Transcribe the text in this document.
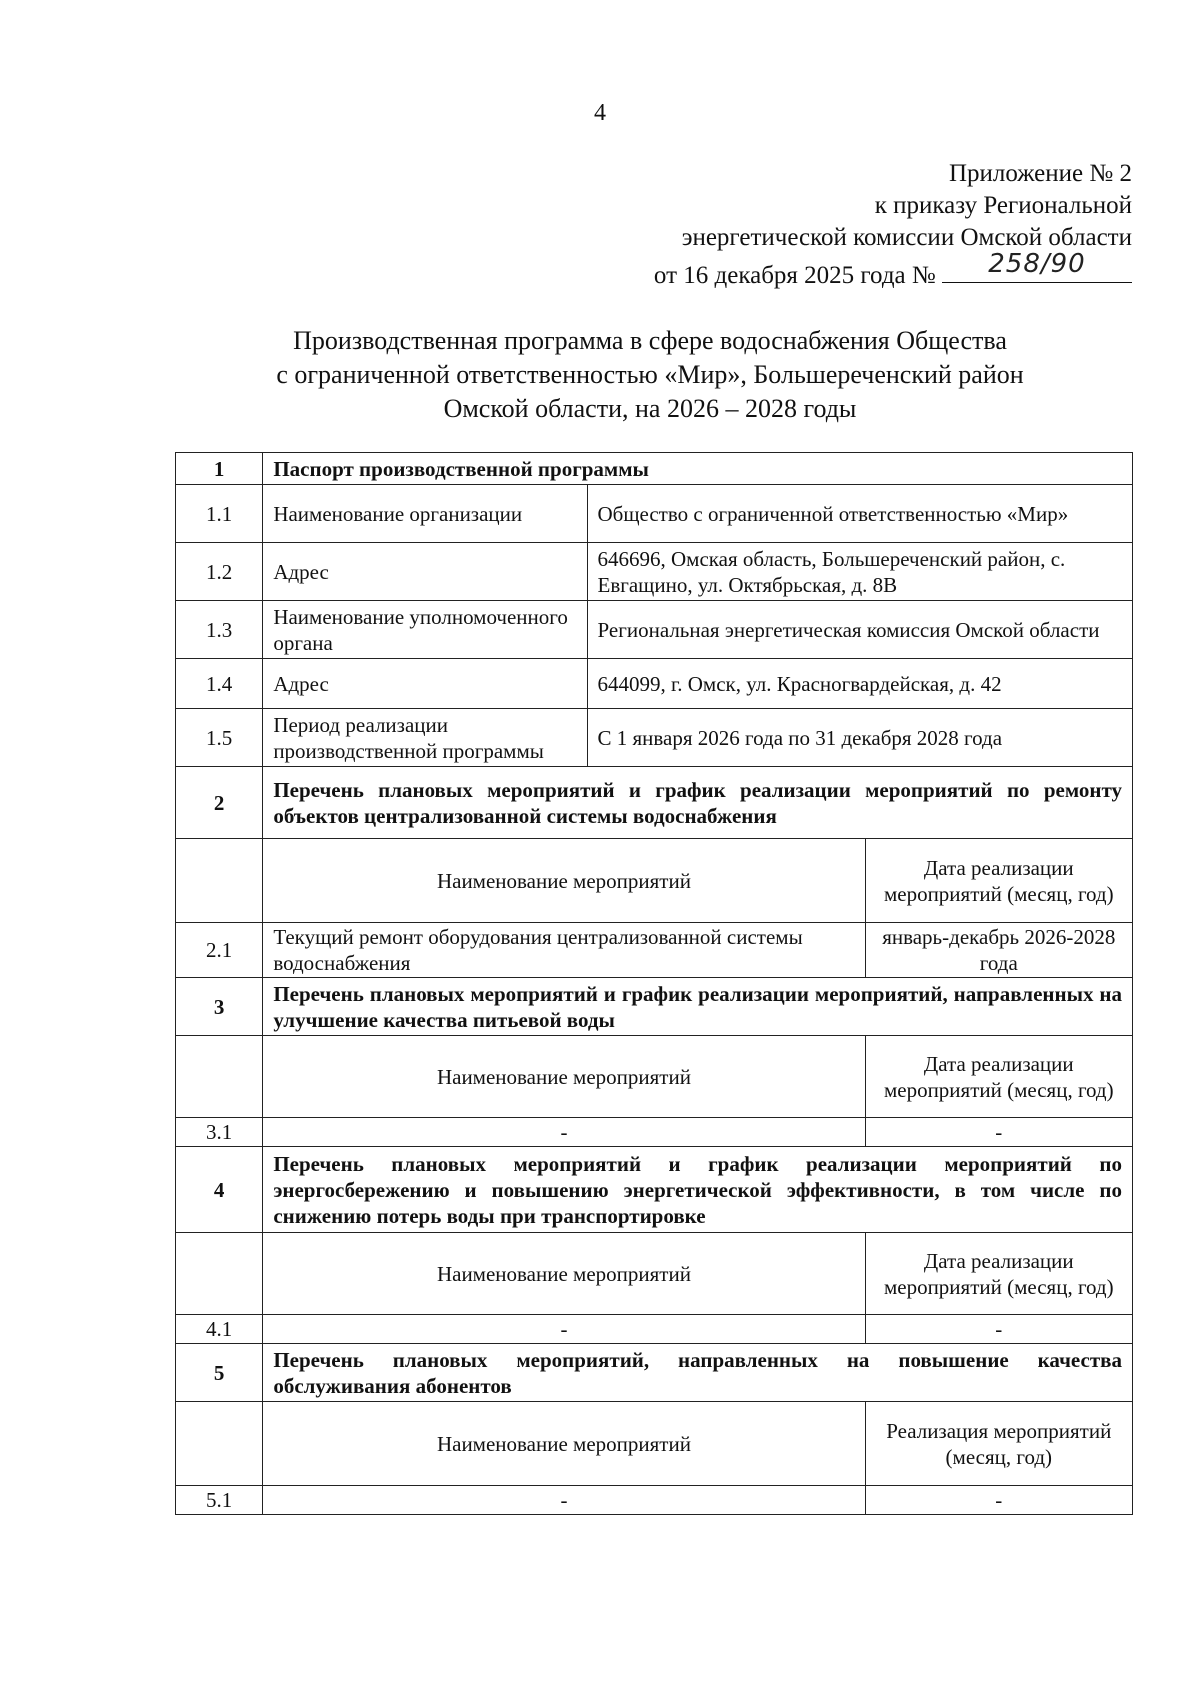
4
Приложение № 2
к приказу Региональной
энергетической комиссии Омской области
от 16 декабря 2025 года №	258/90
Производственная программа в сфере водоснабжения Общества
с ограниченной ответственностью «Мир», Большереченский район
Омской области, на 2026 – 2028 годы
1	Паспорт производственной программы		
1.1	Наименование организации	Общество с ограниченной ответственностью «Мир»	
1.2	Адрес	646696, Омская область, Большереченский район, с. Евгащино, ул. Октябрьская, д. 8В	
1.3	Наименование уполномоченного органа	Региональная энергетическая комиссия Омской области	
1.4	Адрес	644099, г. Омск, ул. Красногвардейская, д. 42	
1.5	Период реализации производственной программы	С 1 января 2026 года по 31 декабря 2028 года	
2	Перечень плановых мероприятий и график реализации мероприятий по ремонту объектов централизованной системы водоснабжения		
	Наименование мероприятий		Дата реализации мероприятий (месяц, год)
2.1	Текущий ремонт оборудования централизованной системы водоснабжения		январь-декабрь 2026-2028 года
3	Перечень плановых мероприятий и график реализации мероприятий, направленных на улучшение качества питьевой воды		
	Наименование мероприятий		Дата реализации мероприятий (месяц, год)
3.1	-		-
4	Перечень плановых мероприятий и график реализации мероприятий по энергосбережению и повышению энергетической эффективности, в том числе по снижению потерь воды при транспортировке		
	Наименование мероприятий		Дата реализации мероприятий (месяц, год)
4.1	-		-
5	Перечень плановых мероприятий, направленных на повышение качества обслуживания абонентов		
	Наименование мероприятий		Реализация мероприятий (месяц, год)
5.1	-		-
